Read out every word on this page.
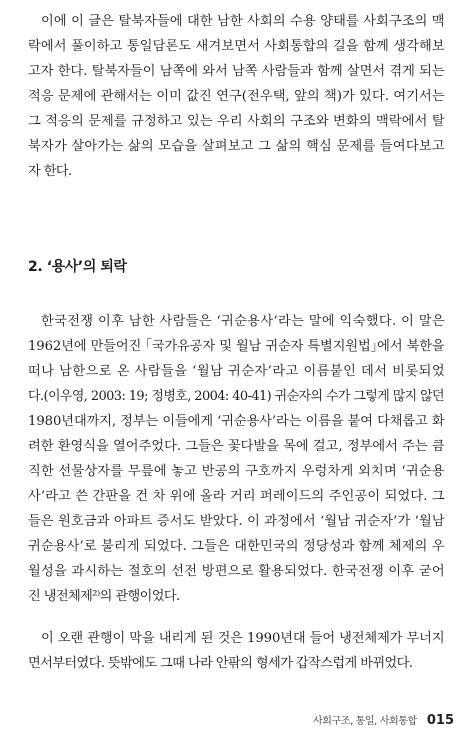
이에 이 글은 탈북자들에 대한 남한 사회의 수용 양태를 사회구조의 맥
락에서 풀이하고 통일담론도 새겨보면서 사회통합의 길을 함께 생각해보
고자 한다. 탈북자들이 남쪽에 와서 남쪽 사람들과 함께 살면서 겪게 되는
적응 문제에 관해서는 이미 값진 연구(전우택, 앞의 책)가 있다. 여기서는
그 적응의 문제를 규정하고 있는 우리 사회의 구조와 변화의 맥락에서 탈
북자가 살아가는 삶의 모습을 살펴보고 그 삶의 핵심 문제를 들여다보고
자 한다.
2. ‘용사’의 퇴락
한국전쟁 이후 남한 사람들은 ‘귀순용사’라는 말에 익숙했다. 이 말은
1962년에 만들어진 ｢국가유공자 및 월남 귀순자 특별지원법｣에서 북한을
떠나 남한으로 온 사람들을 ‘월남 귀순자’라고 이름붙인 데서 비롯되었
다.(이우영, 2003: 19; 정병호, 2004: 40-41) 귀순자의 수가 그렇게 많지 않던
1980년대까지, 정부는 이들에게 ‘귀순용사’라는 이름을 붙여 다채롭고 화
려한 환영식을 열어주었다. 그들은 꽃다발을 목에 걸고, 정부에서 주는 큼
직한 선물상자를 무릎에 놓고 반공의 구호까지 우렁차게 외치며 ‘귀순용
사’라고 쓴 간판을 건 차 위에 올라 거리 퍼레이드의 주인공이 되었다. 그
들은 원호금과 아파트 증서도 받았다. 이 과정에서 ‘월남 귀순자’가 ‘월남
귀순용사’로 불리게 되었다. 그들은 대한민국의 정당성과 함께 체제의 우
월성을 과시하는 절호의 선전 방편으로 활용되었다. 한국전쟁 이후 굳어
진 냉전체제²⁾의 관행이었다.
이 오랜 관행이 막을 내리게 된 것은 1990년대 들어 냉전체제가 무너지
면서부터였다. 뜻밖에도 그때 나라 안팎의 형세가 갑작스럽게 바뀌었다.
사회구조, 통일, 사회통합 015
